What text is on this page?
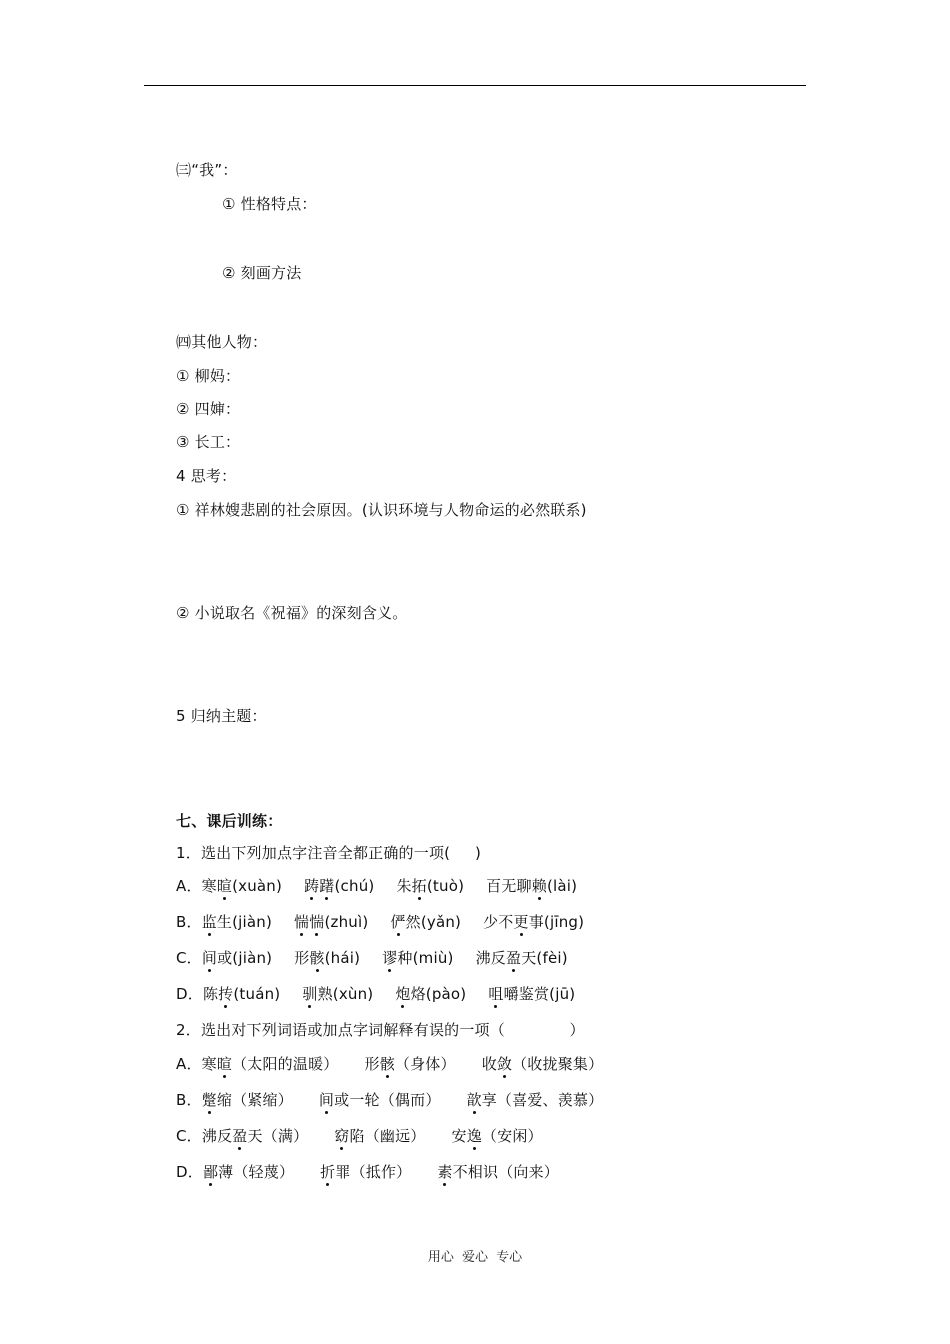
㈢“我”：
① 性格特点：
② 刻画方法
㈣其他人物：
① 柳妈：
② 四婶：
③ 长工：
4 思考：
① 祥林嫂悲剧的社会原因。(认识环境与人物命运的必然联系)
② 小说取名《祝福》的深刻含义。
5 归纳主题：
七、课后训练：
1．选出下列加点字注音全都正确的一项(     )
A．寒暄(xuàn) 踌躇(chú) 朱拓(tuò) 百无聊赖(lài)
B．监生(jiàn) 惴惴(zhuì) 俨然(yǎn) 少不更事(jīng)
C．间或(jiàn) 形骸(hái) 谬种(miù) 沸反盈天(fèi)
D．陈抟(tuán) 驯熟(xùn) 炮烙(pào) 咀嚼鉴赏(jū)
2．选出对下列词语或加点字词解释有误的一项（             ）
A．寒暄（太阳的温暖） 形骸（身体） 收敛（收拢聚集）
B．蹩缩（紧缩） 间或一轮（偶而） 歆享（喜爱、羡慕）
C．沸反盈天（满） 窈陷（幽远） 安逸（安闲）
D．鄙薄（轻蔑） 折罪（抵作） 素不相识（向来）
用心 爱心 专心
